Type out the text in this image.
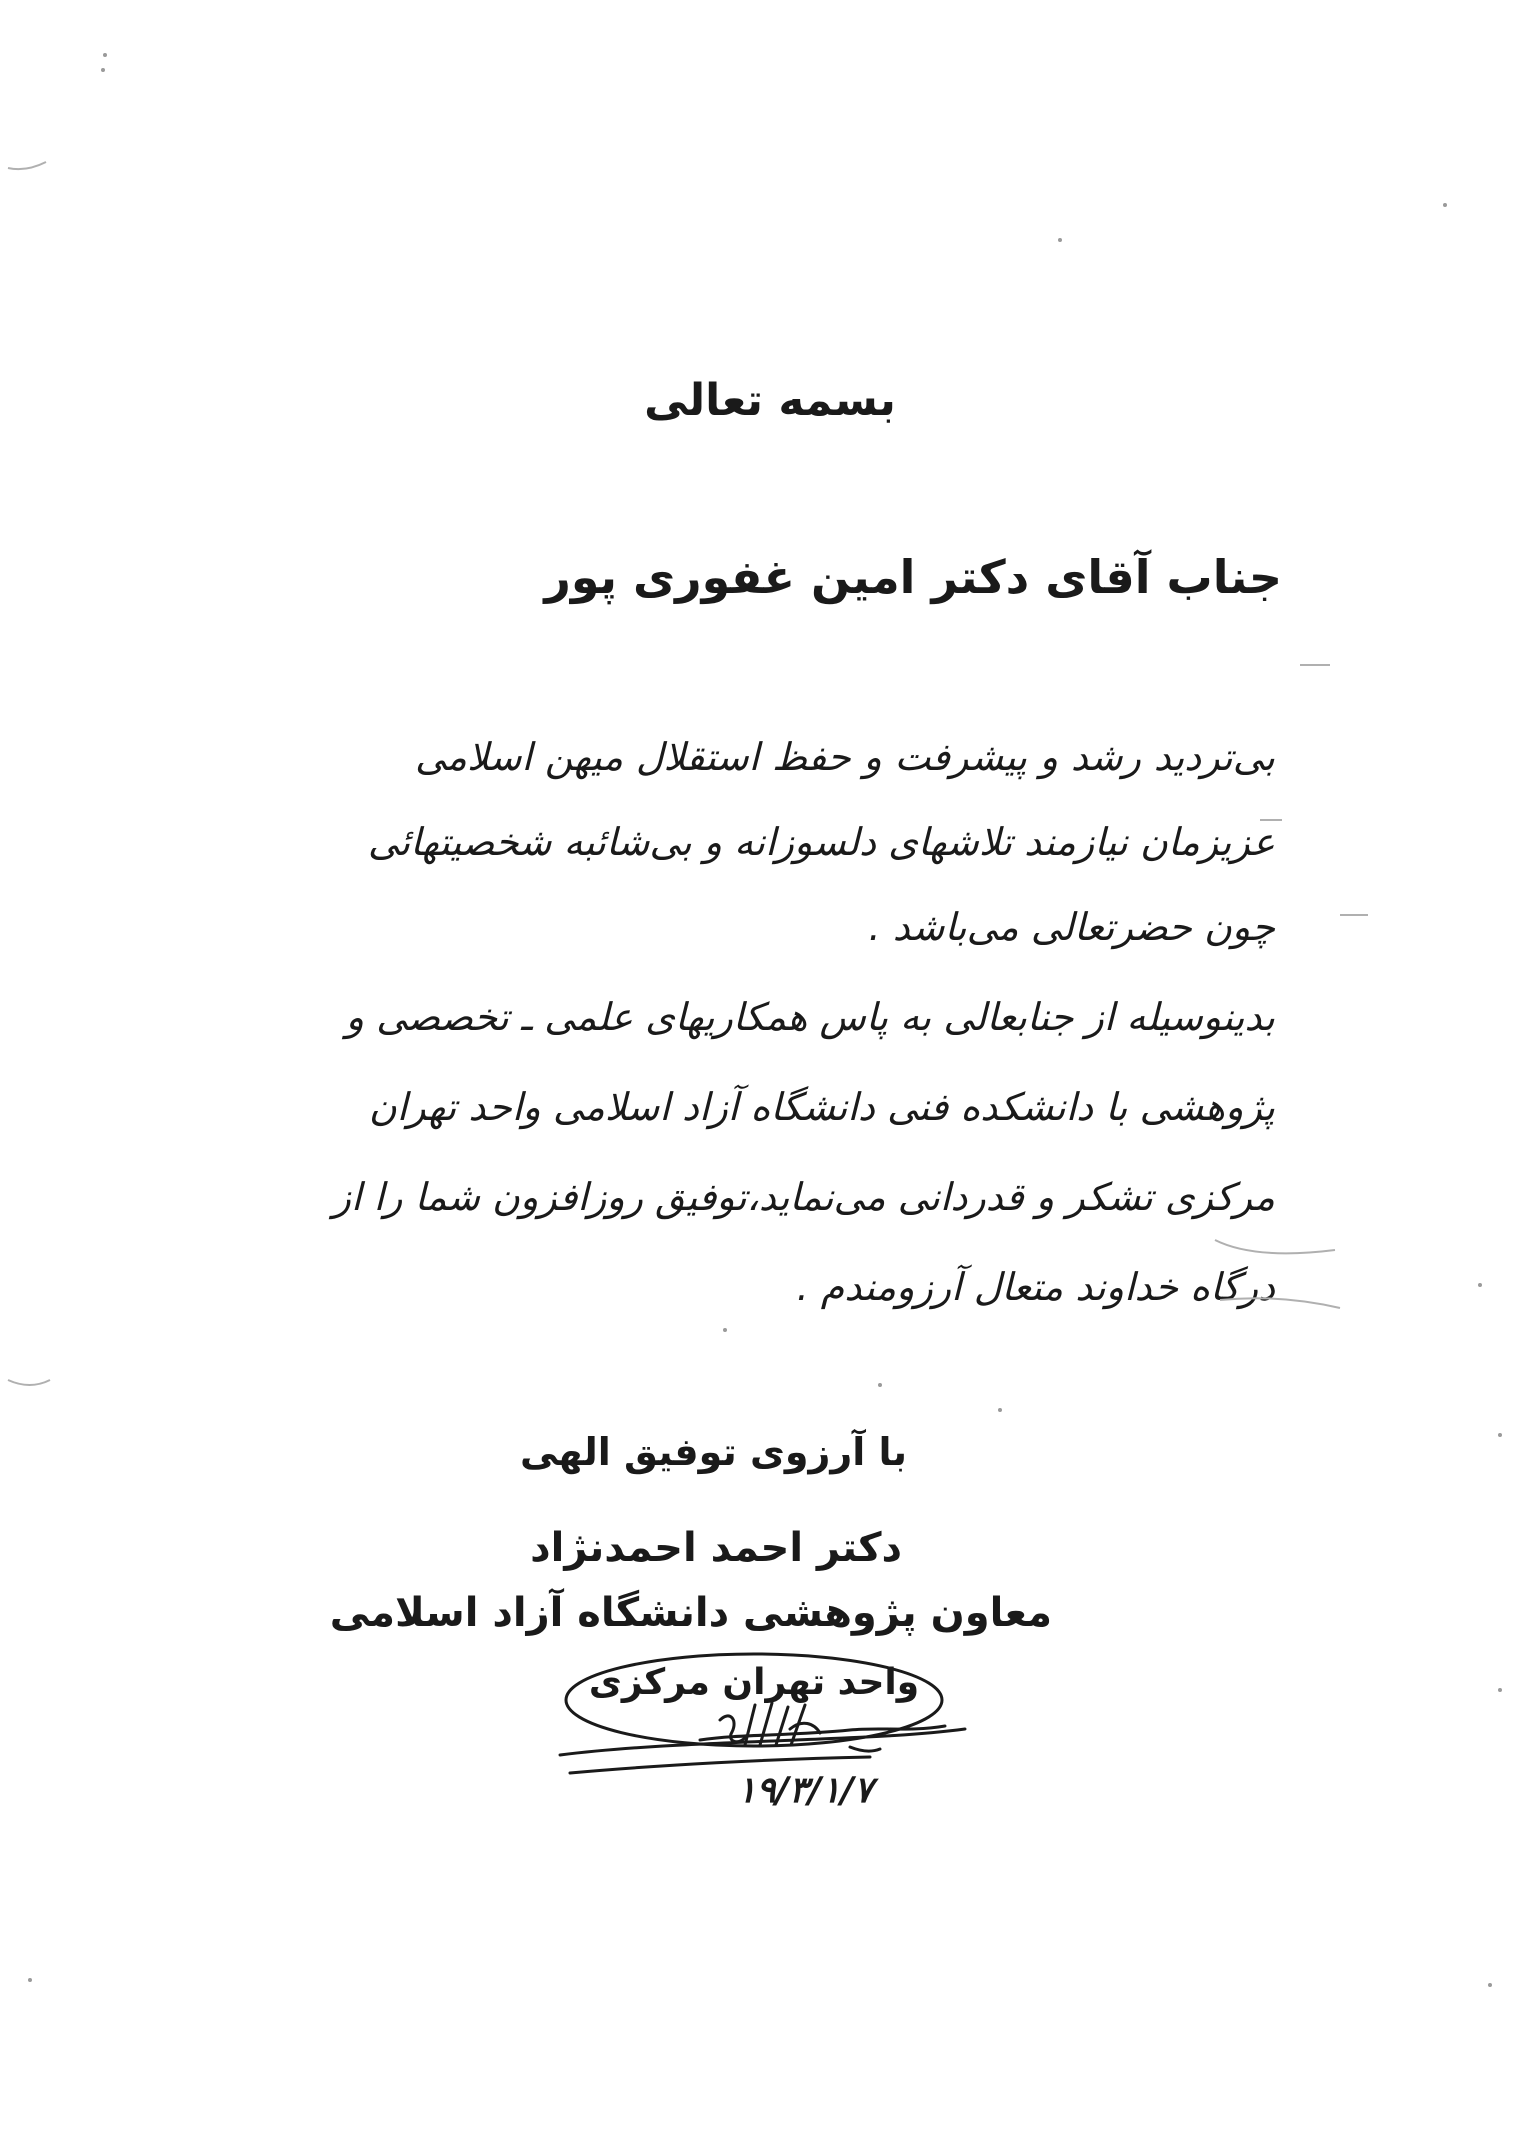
بسمه تعالی
جناب آقای دکتر امین غفوری پور
بی‌تردید رشد و پیشرفت و حفظ استقلال میهن اسلامی
عزیزمان نیازمند تلاشهای دلسوزانه و بی‌شائبه شخصیتهائی
چون حضرتعالی می‌باشد .
بدینوسیله از جنابعالی به پاس همکاریهای علمی ـ تخصصی و
پژوهشی با دانشکده فنی دانشگاه آزاد اسلامی واحد تهران
مرکزی تشکر و قدردانی می‌نماید،توفیق روزافزون شما را از
درگاه خداوند متعال آرزومندم .
با آرزوی توفیق الهی
دکتر احمد احمدنژاد
معاون پژوهشی دانشگاه آزاد اسلامی
واحد تهران مرکزی
۱۹/۳/۱/۷
